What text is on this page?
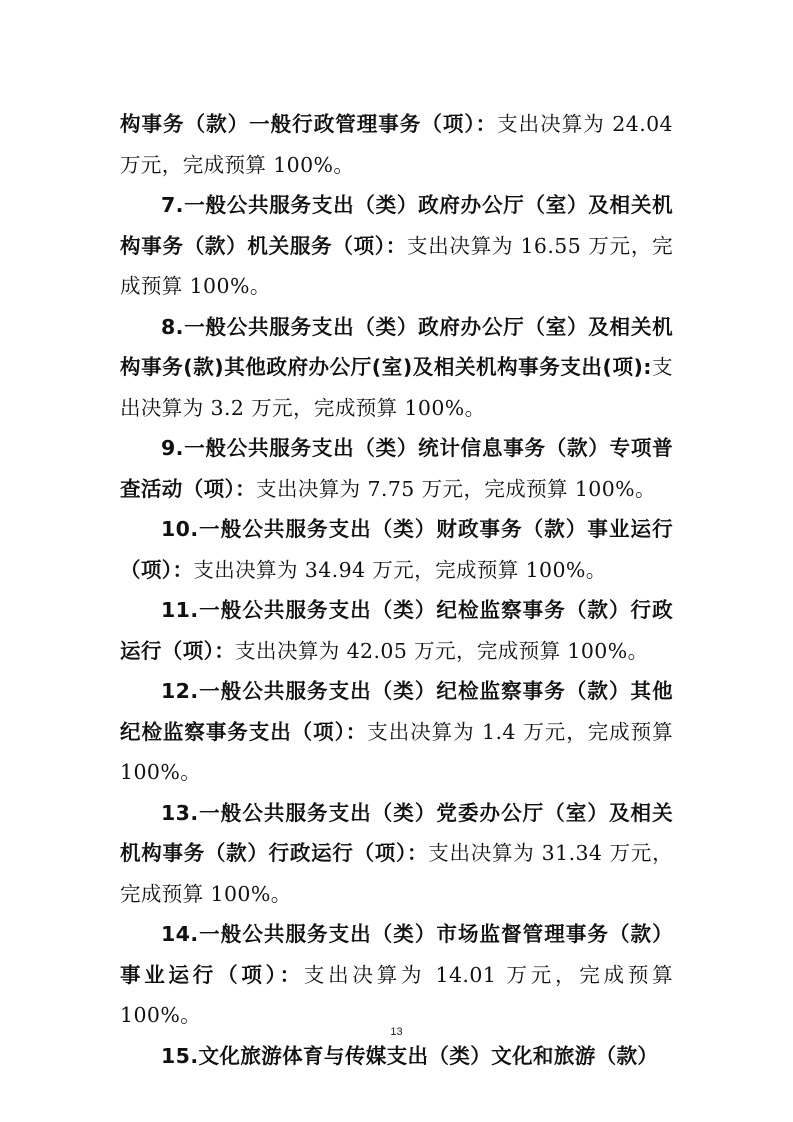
构事务（款）一般行政管理事务（项）：支出决算为 24.04 万元，完成预算 100%。

7.一般公共服务支出（类）政府办公厅（室）及相关机构事务（款）机关服务（项）：支出决算为 16.55 万元，完成预算 100%。

8.一般公共服务支出（类）政府办公厅（室）及相关机构事务(款)其他政府办公厅(室)及相关机构事务支出(项):支出决算为 3.2 万元，完成预算 100%。

9.一般公共服务支出（类）统计信息事务（款）专项普查活动（项）：支出决算为 7.75 万元，完成预算 100%。

10.一般公共服务支出（类）财政事务（款）事业运行（项）：支出决算为 34.94 万元，完成预算 100%。

11.一般公共服务支出（类）纪检监察事务（款）行政运行（项）：支出决算为 42.05 万元，完成预算 100%。

12.一般公共服务支出（类）纪检监察事务（款）其他纪检监察事务支出（项）：支出决算为 1.4 万元，完成预算 100%。

13.一般公共服务支出（类）党委办公厅（室）及相关机构事务（款）行政运行（项）：支出决算为 31.34 万元，完成预算 100%。

14.一般公共服务支出（类）市场监督管理事务（款）事业运行（项）：支出决算为 14.01 万元，完成预算 100%。

15.文化旅游体育与传媒支出（类）文化和旅游（款）

13
